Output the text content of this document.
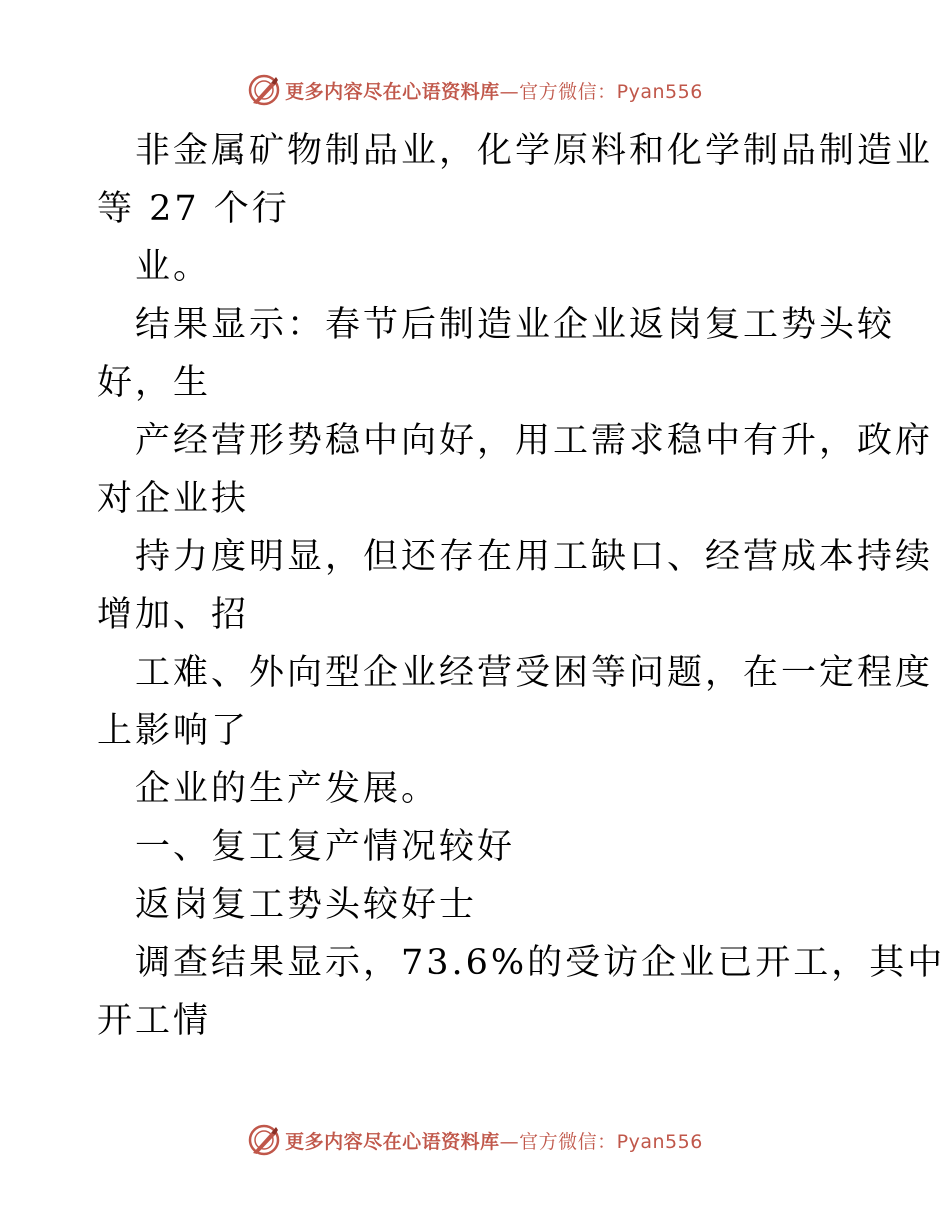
更多内容尽在心语资料库—官方微信：Pyan556
非金属矿物制品业，化学原料和化学制品制造业
等 27 个行
业。
结果显示：春节后制造业企业返岗复工势头较
好，生
产经营形势稳中向好，用工需求稳中有升，政府
对企业扶
持力度明显，但还存在用工缺口、经营成本持续
增加、招
工难、外向型企业经营受困等问题，在一定程度
上影响了
企业的生产发展。
一、复工复产情况较好
返岗复工势头较好士
调查结果显示，73.6%的受访企业已开工，其中
开工情
更多内容尽在心语资料库—官方微信：Pyan556
